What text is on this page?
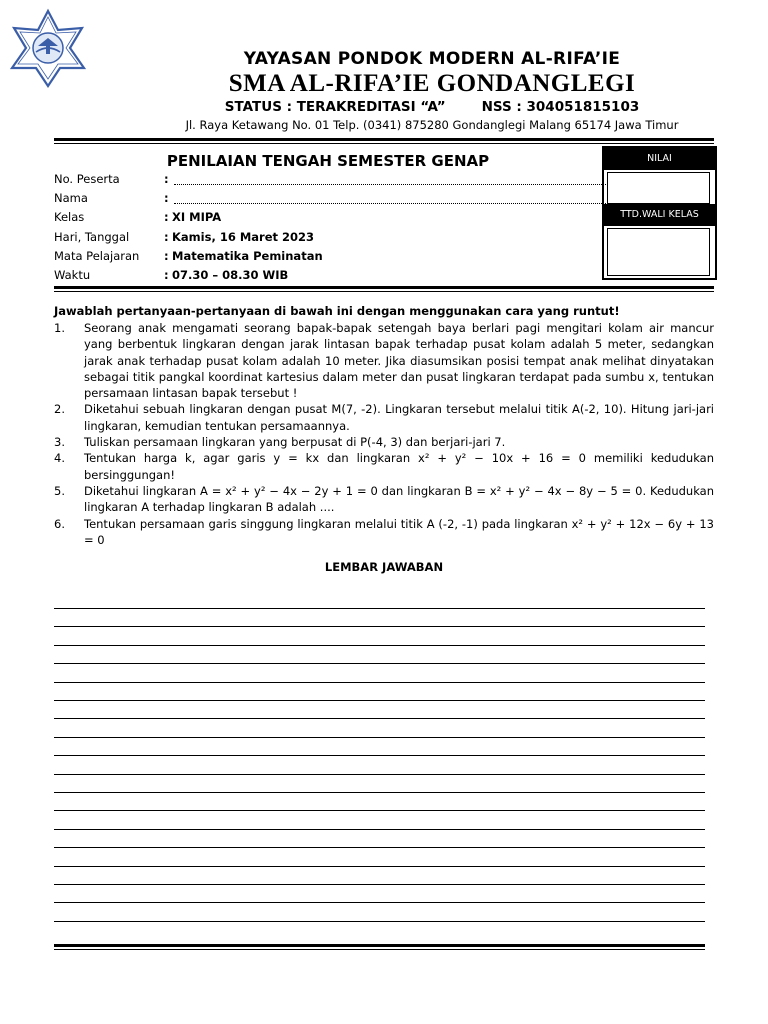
YAYASAN PONDOK MODERN AL-RIFA’IE
SMA AL-RIFA’IE GONDANGLEGI
STATUS : TERAKREDITASI “A”	NSS : 304051815103
Jl. Raya Ketawang No. 01 Telp. (0341) 875280 Gondanglegi Malang 65174 Jawa Timur
PENILAIAN TENGAH SEMESTER GENAP
No. Peserta	:
Nama	:
Kelas	: XI MIPA
Hari, Tanggal	: Kamis, 16 Maret 2023
Mata Pelajaran : Matematika Peminatan
Waktu	: 07.30 – 08.30 WIB
NILAI
TTD.WALI KELAS
Jawablah pertanyaan-pertanyaan di bawah ini dengan menggunakan cara yang runtut!
1. Seorang anak mengamati seorang bapak-bapak setengah baya berlari pagi mengitari kolam air mancur yang berbentuk lingkaran dengan jarak lintasan bapak terhadap pusat kolam adalah 5 meter, sedangkan jarak anak terhadap pusat kolam adalah 10 meter. Jika diasumsikan posisi tempat anak melihat dinyatakan sebagai titik pangkal koordinat kartesius dalam meter dan pusat lingkaran terdapat pada sumbu x, tentukan persamaan lintasan bapak tersebut !
2. Diketahui sebuah lingkaran dengan pusat M(7, -2). Lingkaran tersebut melalui titik A(-2, 10). Hitung jari-jari lingkaran, kemudian tentukan persamaannya.
3. Tuliskan persamaan lingkaran yang berpusat di P(-4, 3) dan berjari-jari 7.
4. Tentukan harga k, agar garis y = kx dan lingkaran x² + y² − 10x + 16 = 0 memiliki kedudukan bersinggungan!
5. Diketahui lingkaran A = x² + y² − 4x − 2y + 1 = 0 dan lingkaran B = x² + y² − 4x − 8y − 5 = 0. Kedudukan lingkaran A terhadap lingkaran B adalah ....
6. Tentukan persamaan garis singgung lingkaran melalui titik A (-2, -1) pada lingkaran x² + y² + 12x − 6y + 13 = 0
LEMBAR JAWABAN
